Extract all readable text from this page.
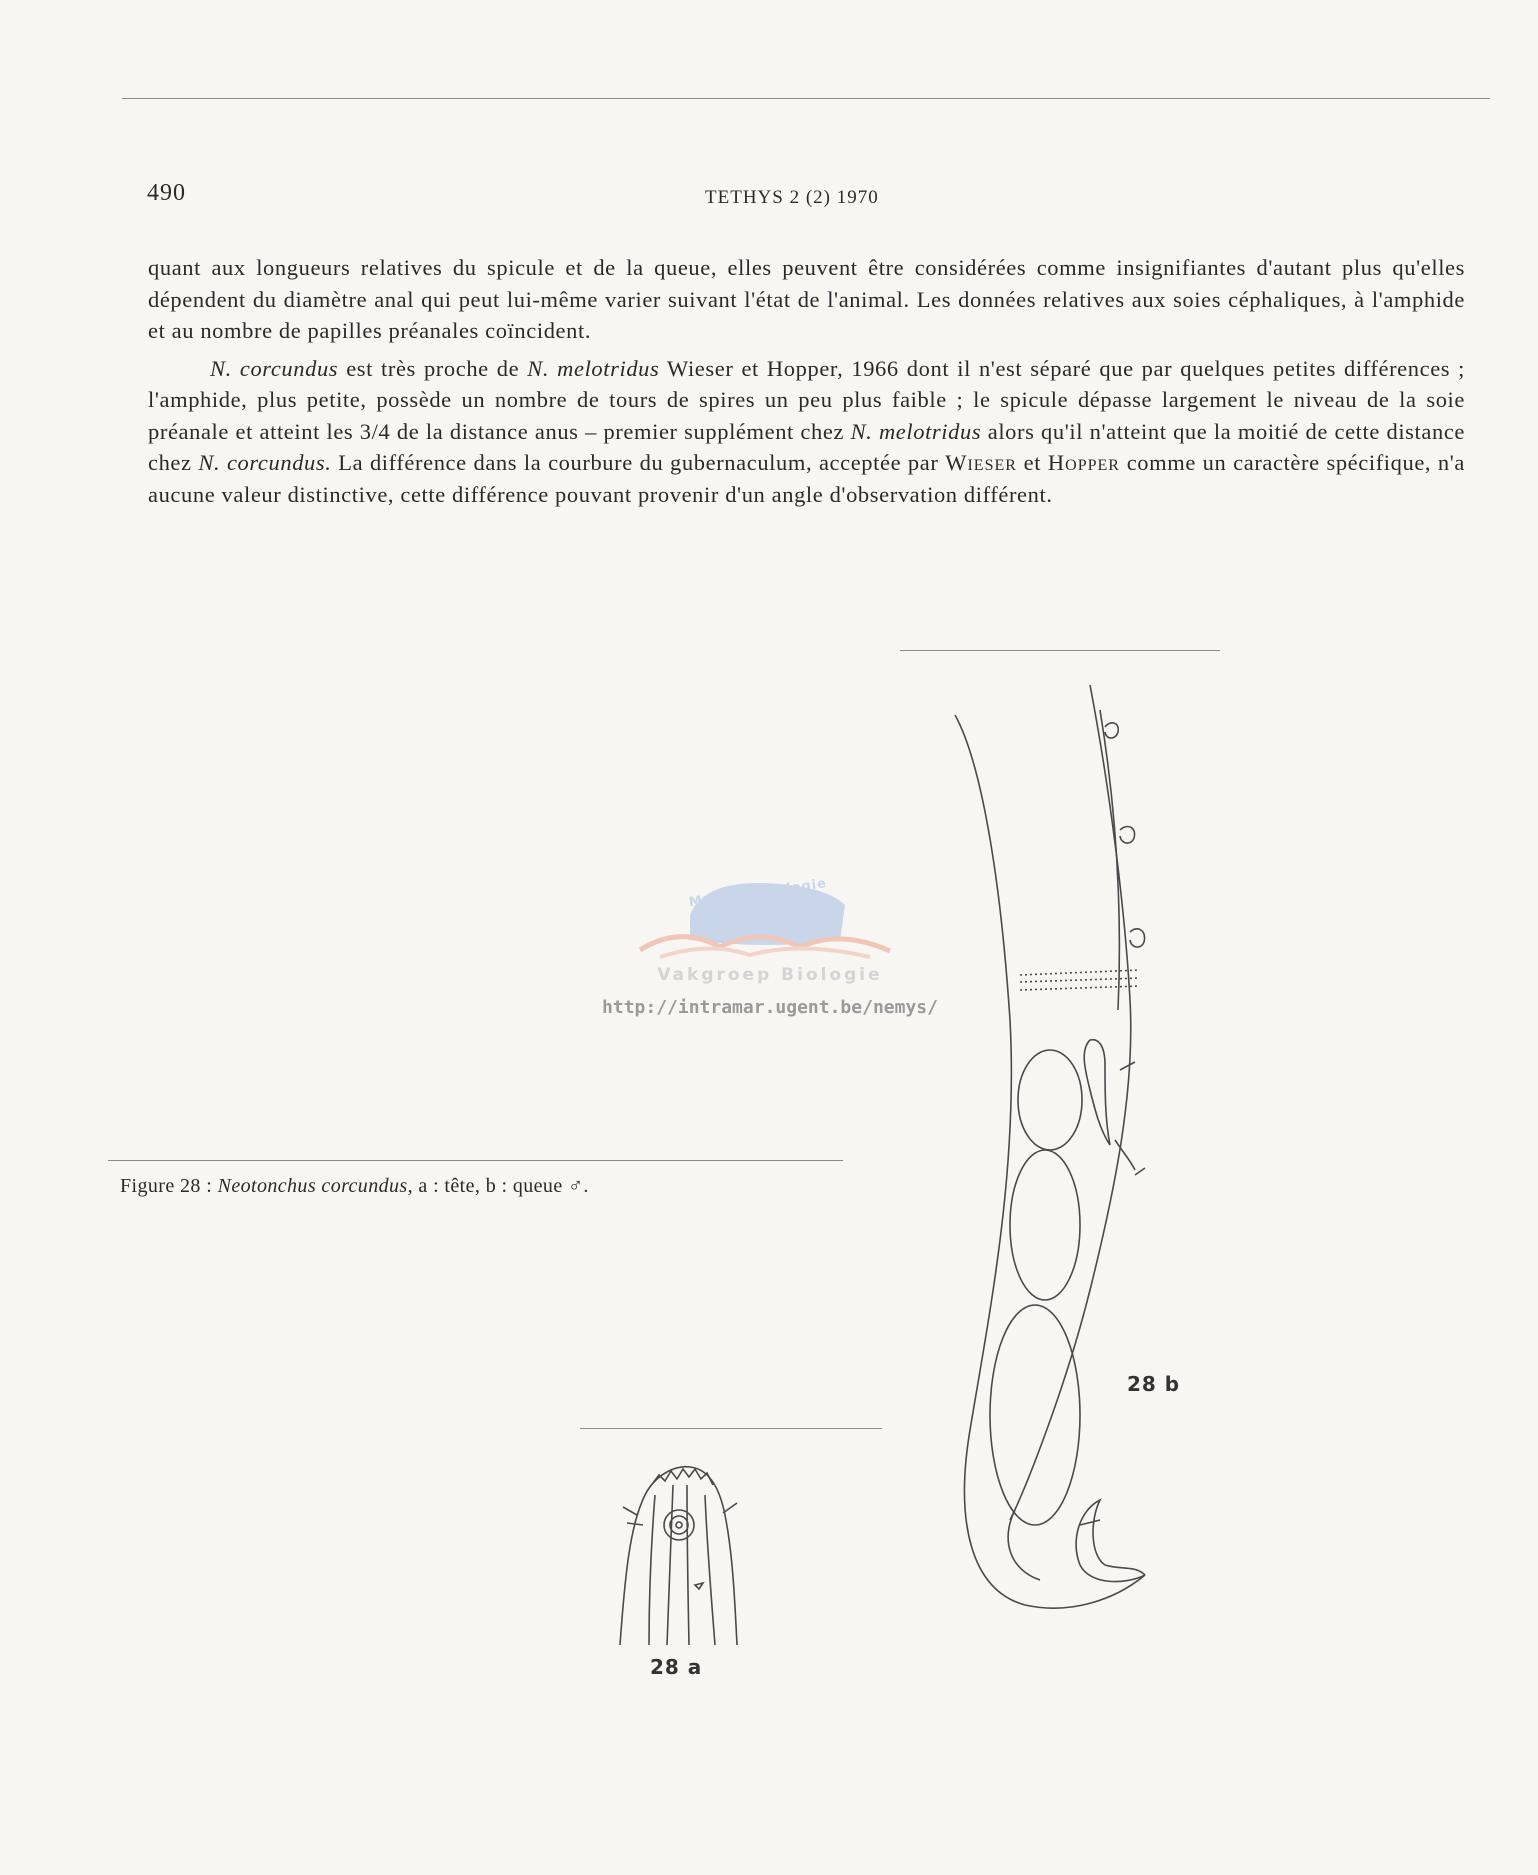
490	TETHYS 2 (2) 1970

quant aux longueurs relatives du spicule et de la queue, elles peuvent être considérées comme insignifiantes d'autant plus qu'elles dépendent du diamètre anal qui peut lui-même varier suivant l'état de l'animal. Les données relatives aux soies céphaliques, à l'amphide et au nombre de papilles préanales coïncident.

N. corcundus est très proche de N. melotridus Wieser et Hopper, 1966 dont il n'est séparé que par quelques petites différences ; l'amphide, plus petite, possède un nombre de tours de spires un peu plus faible ; le spicule dépasse largement le niveau de la soie préanale et atteint les 3/4 de la distance anus – premier supplément chez N. melotridus alors qu'il n'atteint que la moitié de cette distance chez N. corcundus. La différence dans la courbure du gubernaculum, acceptée par Wieser et Hopper comme un caractère spécifique, n'a aucune valeur distinctive, cette différence pouvant provenir d'un angle d'observation différent.

Mariene Biologie
Vakgroep Biologie
http://intramar.ugent.be/nemys/
28 b
Figure 28 : Neotonchus corcundus, a : tête, b : queue ♂.
28 a
